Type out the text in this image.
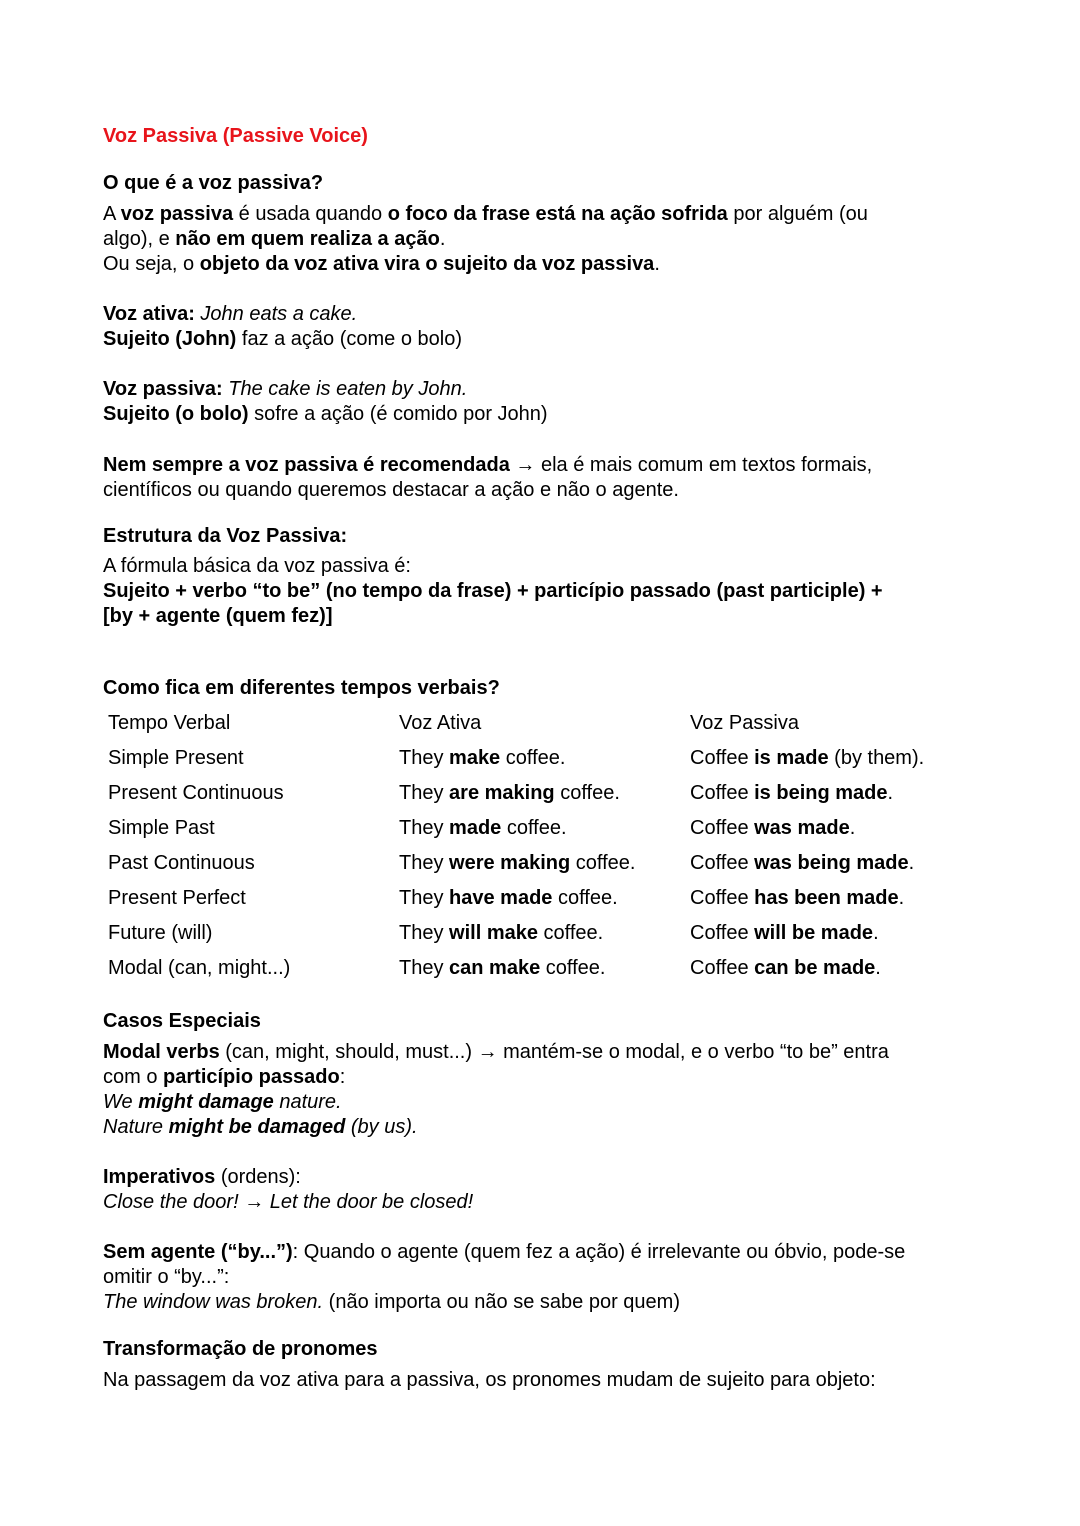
Voz Passiva (Passive Voice)
O que é a voz passiva?
A voz passiva é usada quando o foco da frase está na ação sofrida por alguém (ou
algo), e não em quem realiza a ação.
Ou seja, o objeto da voz ativa vira o sujeito da voz passiva.
Voz ativa: John eats a cake.
Sujeito (John) faz a ação (come o bolo)
Voz passiva: The cake is eaten by John.
Sujeito (o bolo) sofre a ação (é comido por John)
Nem sempre a voz passiva é recomendada → ela é mais comum em textos formais,
científicos ou quando queremos destacar a ação e não o agente.
Estrutura da Voz Passiva:
A fórmula básica da voz passiva é:
Sujeito + verbo “to be” (no tempo da frase) + particípio passado (past participle) +
[by + agente (quem fez)]
Como fica em diferentes tempos verbais?
Tempo Verbal	Voz Ativa	Voz Passiva
Simple Present	They make coffee.	Coffee is made (by them).
Present Continuous	They are making coffee.	Coffee is being made.
Simple Past	They made coffee.	Coffee was made.
Past Continuous	They were making coffee.	Coffee was being made.
Present Perfect	They have made coffee.	Coffee has been made.
Future (will)	They will make coffee.	Coffee will be made.
Modal (can, might...)	They can make coffee.	Coffee can be made.
Casos Especiais
Modal verbs (can, might, should, must...) → mantém-se o modal, e o verbo “to be” entra
com o particípio passado:
We might damage nature.
Nature might be damaged (by us).
Imperativos (ordens):
Close the door! → Let the door be closed!
Sem agente (“by...”): Quando o agente (quem fez a ação) é irrelevante ou óbvio, pode-se
omitir o “by...”:
The window was broken. (não importa ou não se sabe por quem)
Transformação de pronomes
Na passagem da voz ativa para a passiva, os pronomes mudam de sujeito para objeto:
